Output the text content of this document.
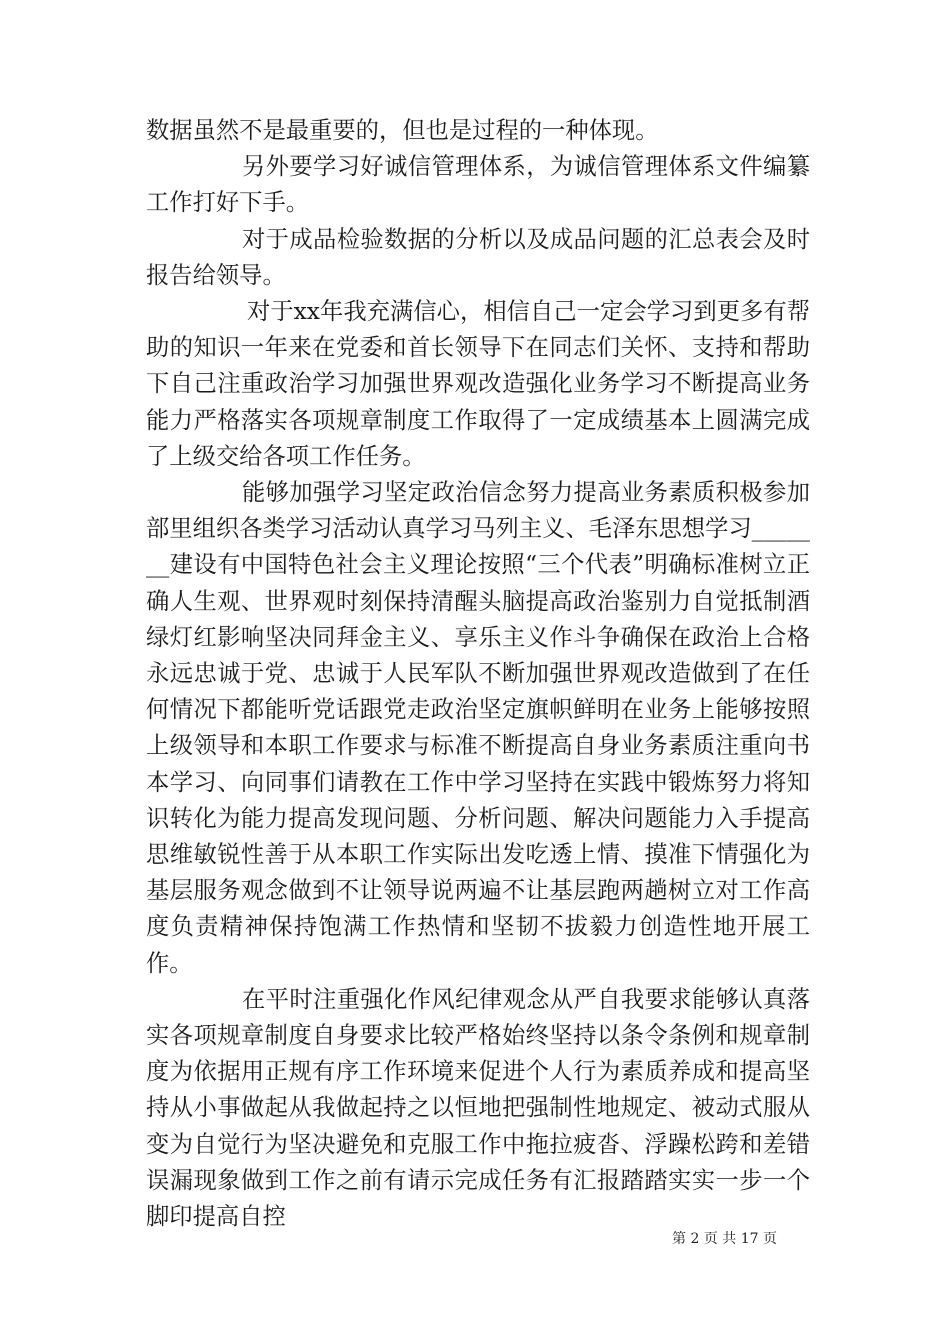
数据虽然不是最重要的，但也是过程的一种体现。

另外要学习好诚信管理体系，为诚信管理体系文件编纂工作打好下手。

对于成品检验数据的分析以及成品问题的汇总表会及时报告给领导。

对于xx年我充满信心，相信自己一定会学习到更多有帮助的知识一年来在党委和首长领导下在同志们关怀、支持和帮助下自己注重政治学习加强世界观改造强化业务学习不断提高业务能力严格落实各项规章制度工作取得了一定成绩基本上圆满完成了上级交给各项工作任务。

能够加强学习坚定政治信念努力提高业务素质积极参加部里组织各类学习活动认真学习马列主义、毛泽东思想学习_______建设有中国特色社会主义理论按照“三个代表”明确标准树立正确人生观、世界观时刻保持清醒头脑提高政治鉴别力自觉抵制酒绿灯红影响坚决同拜金主义、享乐主义作斗争确保在政治上合格永远忠诚于党、忠诚于人民军队不断加强世界观改造做到了在任何情况下都能听党话跟党走政治坚定旗帜鲜明在业务上能够按照上级领导和本职工作要求与标准不断提高自身业务素质注重向书本学习、向同事们请教在工作中学习坚持在实践中锻炼努力将知识转化为能力提高发现问题、分析问题、解决问题能力入手提高思维敏锐性善于从本职工作实际出发吃透上情、摸准下情强化为基层服务观念做到不让领导说两遍不让基层跑两趟树立对工作高度负责精神保持饱满工作热情和坚韧不拔毅力创造性地开展工作。

在平时注重强化作风纪律观念从严自我要求能够认真落实各项规章制度自身要求比较严格始终坚持以条令条例和规章制度为依据用正规有序工作环境来促进个人行为素质养成和提高坚持从小事做起从我做起持之以恒地把强制性地规定、被动式服从变为自觉行为坚决避免和克服工作中拖拉疲沓、浮躁松跨和差错误漏现象做到工作之前有请示完成任务有汇报踏踏实实一步一个脚印提高自控

第 2 页 共 17 页
